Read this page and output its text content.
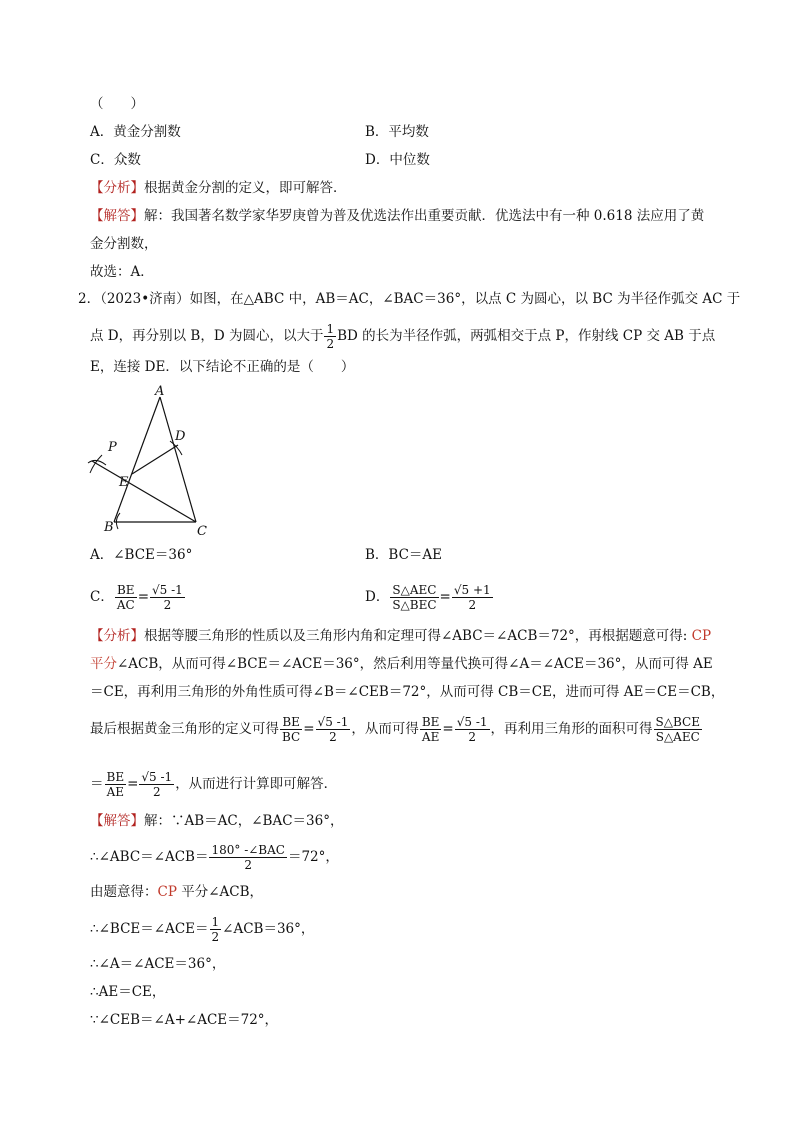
（　　）
A．黄金分割数	B．平均数
C．众数	D．中位数
【分析】根据黄金分割的定义，即可解答．
【解答】解：我国著名数学家华罗庚曾为普及优选法作出重要贡献．优选法中有一种 0.618 法应用了黄
金分割数，
故选：A．
2．（2023•济南）如图，在△ABC 中，AB＝AC，∠BAC＝36°，以点 C 为圆心，以 BC 为半径作弧交 AC 于
点 D，再分别以 B，D 为圆心，以大于 $\frac{1}{2}$ BD 的长为半径作弧，两弧相交于点 P，作射线 CP 交 AB 于点
E，连接 DE．以下结论不正确的是（　　）
A
B	C
D
E
P
A．∠BCE＝36°	B．BC＝AE
C． $\frac{BE}{AC} = \frac{√5 -1}{2}$	D． $\frac{\text{S△AEC}}{\text{S△BEC}} = \frac{√5 +1}{2}$
【分析】根据等腰三角形的性质以及三角形内角和定理可得∠ABC＝∠ACB＝72°，再根据题意可得: CP
平分∠ACB，从而可得∠BCE＝∠ACE＝36°，然后利用等量代换可得∠A＝∠ACE＝36°，从而可得 AE
＝CE，再利用三角形的外角性质可得∠B＝∠CEB＝72°，从而可得 CB＝CE，进而可得 AE＝CE＝CB，
最后根据黄金三角形的定义可得 $\frac{BE}{BC} = \frac{√5 -1}{2}$ ，从而可得 $\frac{BE}{AE} = \frac{√5 -1}{2}$ ，再利用三角形的面积可得 $\frac{\text{S△BCE}}{\text{S△AEC}}$
＝ $\frac{BE}{AE} = \frac{√5 -1}{2}$ ，从而进行计算即可解答．
【解答】解：∵AB＝AC，∠BAC＝36°，
∴∠ABC＝∠ACB＝ $\frac{\text{180° -∠BAC}}{2} =72^\circ$，
由题意得：CP 平分∠ACB，
∴∠BCE＝∠ACE＝ $\frac{1}{2}$ ∠ACB＝36°，
∴∠A＝∠ACE＝36°，
∴AE＝CE，
∵∠CEB＝∠A+∠ACE＝72°，
